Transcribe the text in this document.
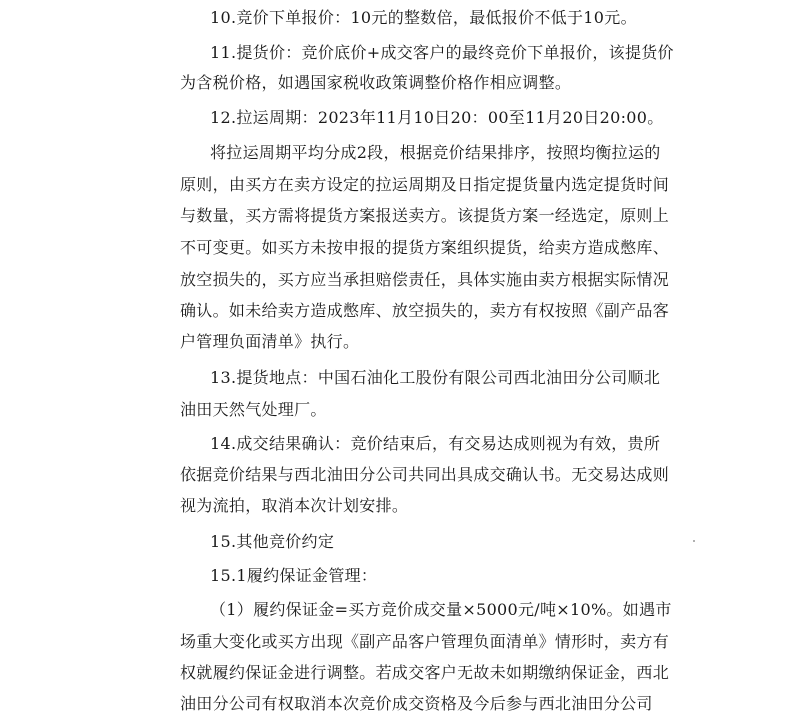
10.竞价下单报价：10元的整数倍，最低报价不低于10元。

11.提货价：竞价底价+成交客户的最终竞价下单报价，该提货价

为含税价格，如遇国家税收政策调整价格作相应调整。

12.拉运周期：2023年11月10日20：00至11月20日20:00。

将拉运周期平均分成2段，根据竞价结果排序，按照均衡拉运的

原则，由买方在卖方设定的拉运周期及日指定提货量内选定提货时间

与数量，买方需将提货方案报送卖方。该提货方案一经选定，原则上

不可变更。如买方未按申报的提货方案组织提货，给卖方造成憋库、

放空损失的，买方应当承担赔偿责任，具体实施由卖方根据实际情况

确认。如未给卖方造成憋库、放空损失的，卖方有权按照《副产品客

户管理负面清单》执行。

13.提货地点：中国石油化工股份有限公司西北油田分公司顺北

油田天然气处理厂。

14.成交结果确认：竞价结束后，有交易达成则视为有效，贵所

依据竞价结果与西北油田分公司共同出具成交确认书。无交易达成则

视为流拍，取消本次计划安排。

15.其他竞价约定

15.1履约保证金管理：

（1）履约保证金=买方竞价成交量×5000元/吨×10%。如遇市

场重大变化或买方出现《副产品客户管理负面清单》情形时，卖方有

权就履约保证金进行调整。若成交客户无故未如期缴纳保证金，西北

油田分公司有权取消本次竞价成交资格及今后参与西北油田分公司
